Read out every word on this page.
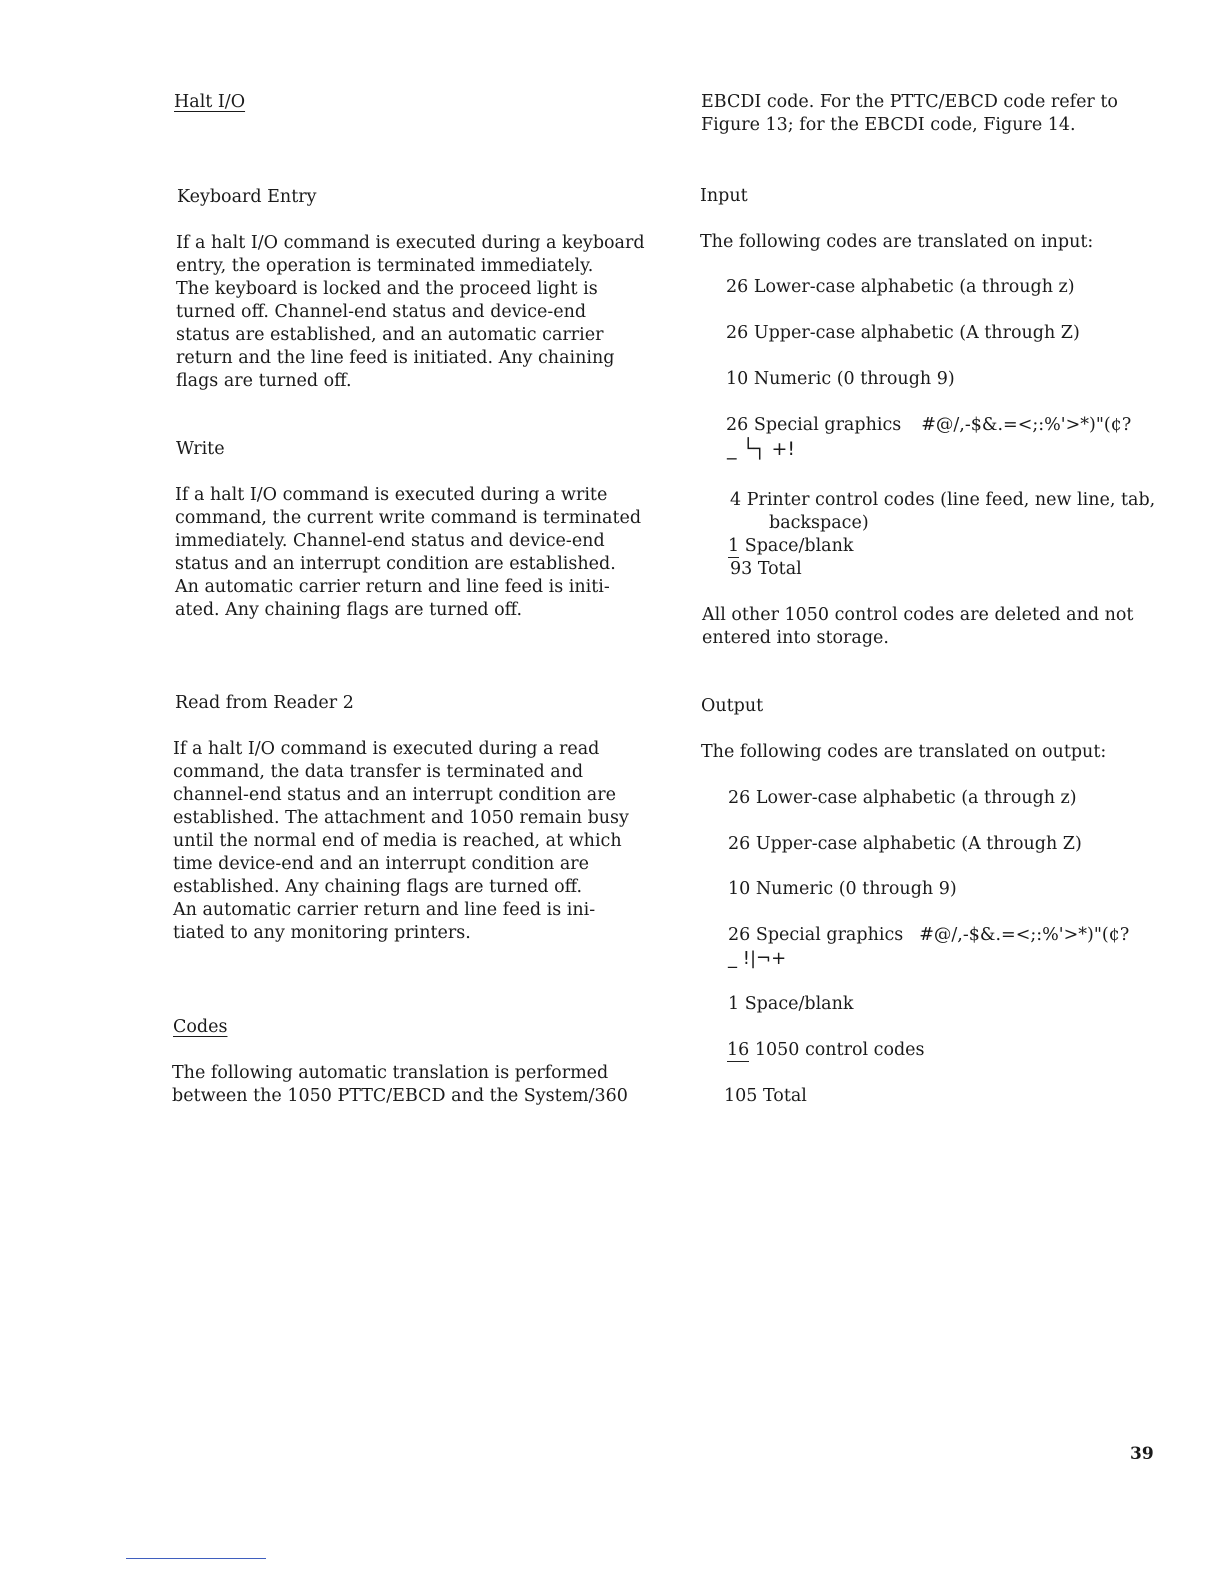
Halt I/O
Keyboard Entry
If a halt I/O command is executed during a keyboard
entry, the operation is terminated immediately.
The keyboard is locked and the proceed light is
turned off. Channel-end status and device-end
status are established, and an automatic carrier
return and the line feed is initiated. Any chaining
flags are turned off.
Write
If a halt I/O command is executed during a write
command, the current write command is terminated
immediately. Channel-end status and device-end
status and an interrupt condition are established.
An automatic carrier return and line feed is initi-
ated. Any chaining flags are turned off.
Read from Reader 2
If a halt I/O command is executed during a read
command, the data transfer is terminated and
channel-end status and an interrupt condition are
established. The attachment and 1050 remain busy
until the normal end of media is reached, at which
time device-end and an interrupt condition are
established. Any chaining flags are turned off.
An automatic carrier return and line feed is ini-
tiated to any monitoring printers.
Codes
The following automatic translation is performed
between the 1050 PTTC/EBCD and the System/360
EBCDI code. For the PTTC/EBCD code refer to
Figure 13; for the EBCDI code, Figure 14.
Input
The following codes are translated on input:
26 Lower-case alphabetic (a through z)
26 Upper-case alphabetic (A through Z)
10 Numeric (0 through 9)
26 Special graphics #@/,-$&.=<;:%'>*)"(¢?
_ └┐ +!
4 Printer control codes (line feed, new line, tab,
backspace)
1 Space/blank
93 Total
All other 1050 control codes are deleted and not
entered into storage.
Output
The following codes are translated on output:
26 Lower-case alphabetic (a through z)
26 Upper-case alphabetic (A through Z)
10 Numeric (0 through 9)
26 Special graphics #@/,-$&.=<;:%'>*)"(¢?
_ !|¬+
1 Space/blank
16 1050 control codes
105 Total
39
